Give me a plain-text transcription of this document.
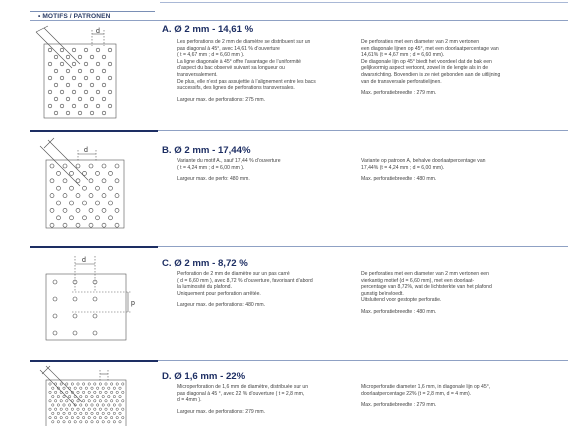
• MOTIFS / PATRONEN
d	A. Ø 2 mm - 14,61 %
Les perforations de 2 mm de diamètre se distribuent sur un
pas diagonal à 45°, avec 14,61 % d’ouverture
( t = 4,67 mm ; d = 6,60 mm ).
La ligne diagonale à 45° offre l’avantage de l’uniformité
d’aspect du bac observé suivant sa longueur ou
transversalement.
De plus, elle n’est pas assujettie à l’alignement entre les bacs
successifs, des lignes de perforations transversales.
Largeur max. de perforations: 275 mm.
De perforaties met een diameter van 2 mm vertonen
een diagonale lijnen op 45°, met een doorlaatpercentage van
14,61% (t = 4,67 mm ; d = 6,60 mm).
De diagonale lijn op 45° biedt het voordeel dat de bak een
gelijkvormig aspect vertoont, zowel in de lengte als in de
dwarsrichting. Bovendien is ze niet gebonden aan de uitlijning
van de transversale perforatielijnen.
Max. perforatiebreedte : 279 mm.
d	B. Ø 2 mm - 17,44%
Variante du motif A., sauf 17,44 % d’ouverture
( t = 4,24 mm ; d = 6,00 mm ).
Largeur max. de perfo: 480 mm.
Variante op patroon A, behalve doorlaatpercentage van
17,44% (t = 4,24 mm ; d = 6,00 mm).
Max. perforatiebreedte : 480 mm.
d
p
C. Ø 2 mm - 8,72 %
Perforation de 2 mm de diamètre sur un pas carré
( d = 6,60 mm ), avec 8,72 % d’ouverture, favorisant d’abord
la luminosité du plafond.
Uniquement pour perforation arrêtée.
Largeur max. de perforations: 480 mm.
De perforaties met een diameter van 2 mm vertonen een
vierkantig motief (d = 6,60 mm), met een doorlaat-
percentage van 8,72%, wat de lichtsterkte van het plafond
gunstig beïnvloedt.
Uitsluitend voor gestopte perforatie.
Max. perforatiebreedte : 480 mm.
D. Ø 1,6 mm - 22%
Microperforation de 1,6 mm de diamètre, distribuée sur un
pas diagonal à 45 °, avec 22 % d’ouverture ( t = 2,8 mm,
d = 4mm ).
Largeur max. de perforations: 279 mm.
Microperforatie diameter 1,6 mm, in diagonale lijn op 45°,
doorlaatpercentage 22% (t = 2,8 mm, d = 4 mm).
Max. perforatiebreedte : 279 mm.
